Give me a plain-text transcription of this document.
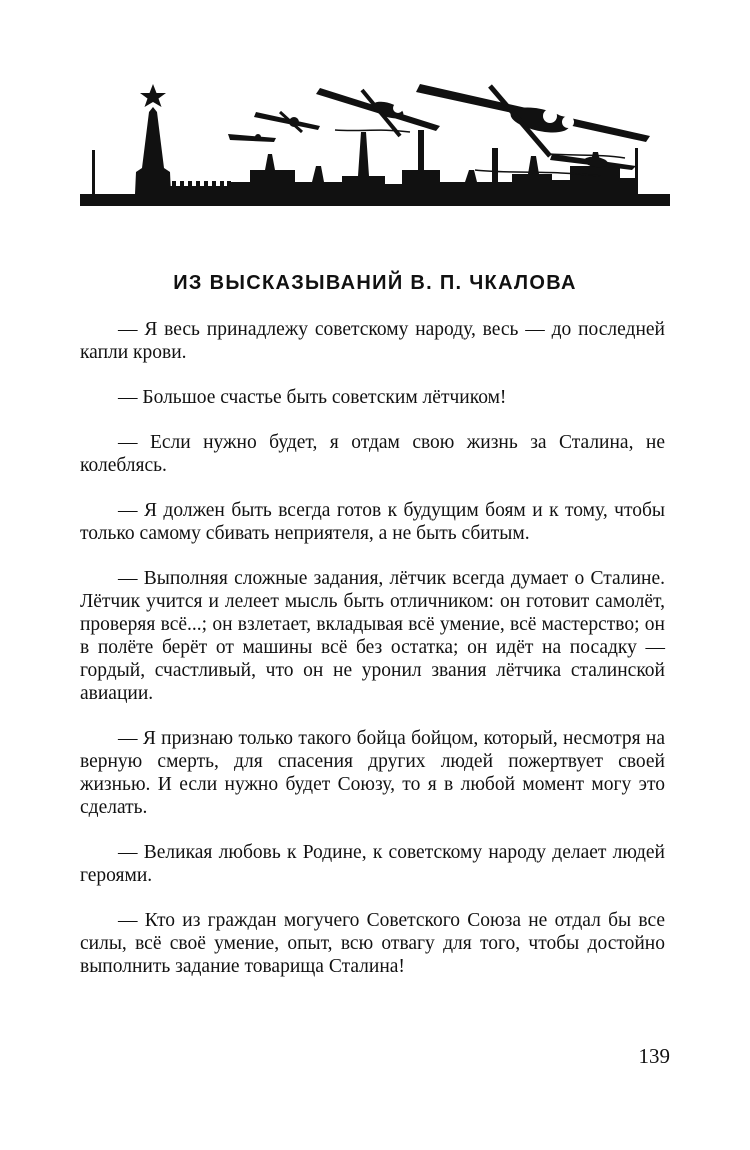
ИЗ ВЫСКАЗЫВАНИЙ В. П. ЧКАЛОВА

— Я весь принадлежу советскому народу, весь — до последней капли крови.

— Большое счастье быть советским лётчиком!

— Если нужно будет, я отдам свою жизнь за Сталина, не колеблясь.

— Я должен быть всегда готов к будущим боям и к тому, чтобы только самому сбивать неприятеля, а не быть сбитым.

— Выполняя сложные задания, лётчик всегда думает о Сталине. Лётчик учится и лелеет мысль быть отличником: он готовит самолёт, проверяя всё...; он взлетает, вкладывая всё умение, всё мастерство; он в полёте берёт от машины всё без остатка; он идёт на посадку — гордый, счастливый, что он не уронил звания лётчика сталинской авиации.

— Я признаю только такого бойца бойцом, который, несмотря на верную смерть, для спасения других людей пожертвует своей жизнью. И если нужно будет Союзу, то я в любой момент могу это сделать.

— Великая любовь к Родине, к советскому народу делает людей героями.

— Кто из граждан могучего Советского Союза не отдал бы все силы, всё своё умение, опыт, всю отвагу для того, чтобы достойно выполнить задание товарища Сталина!

139
